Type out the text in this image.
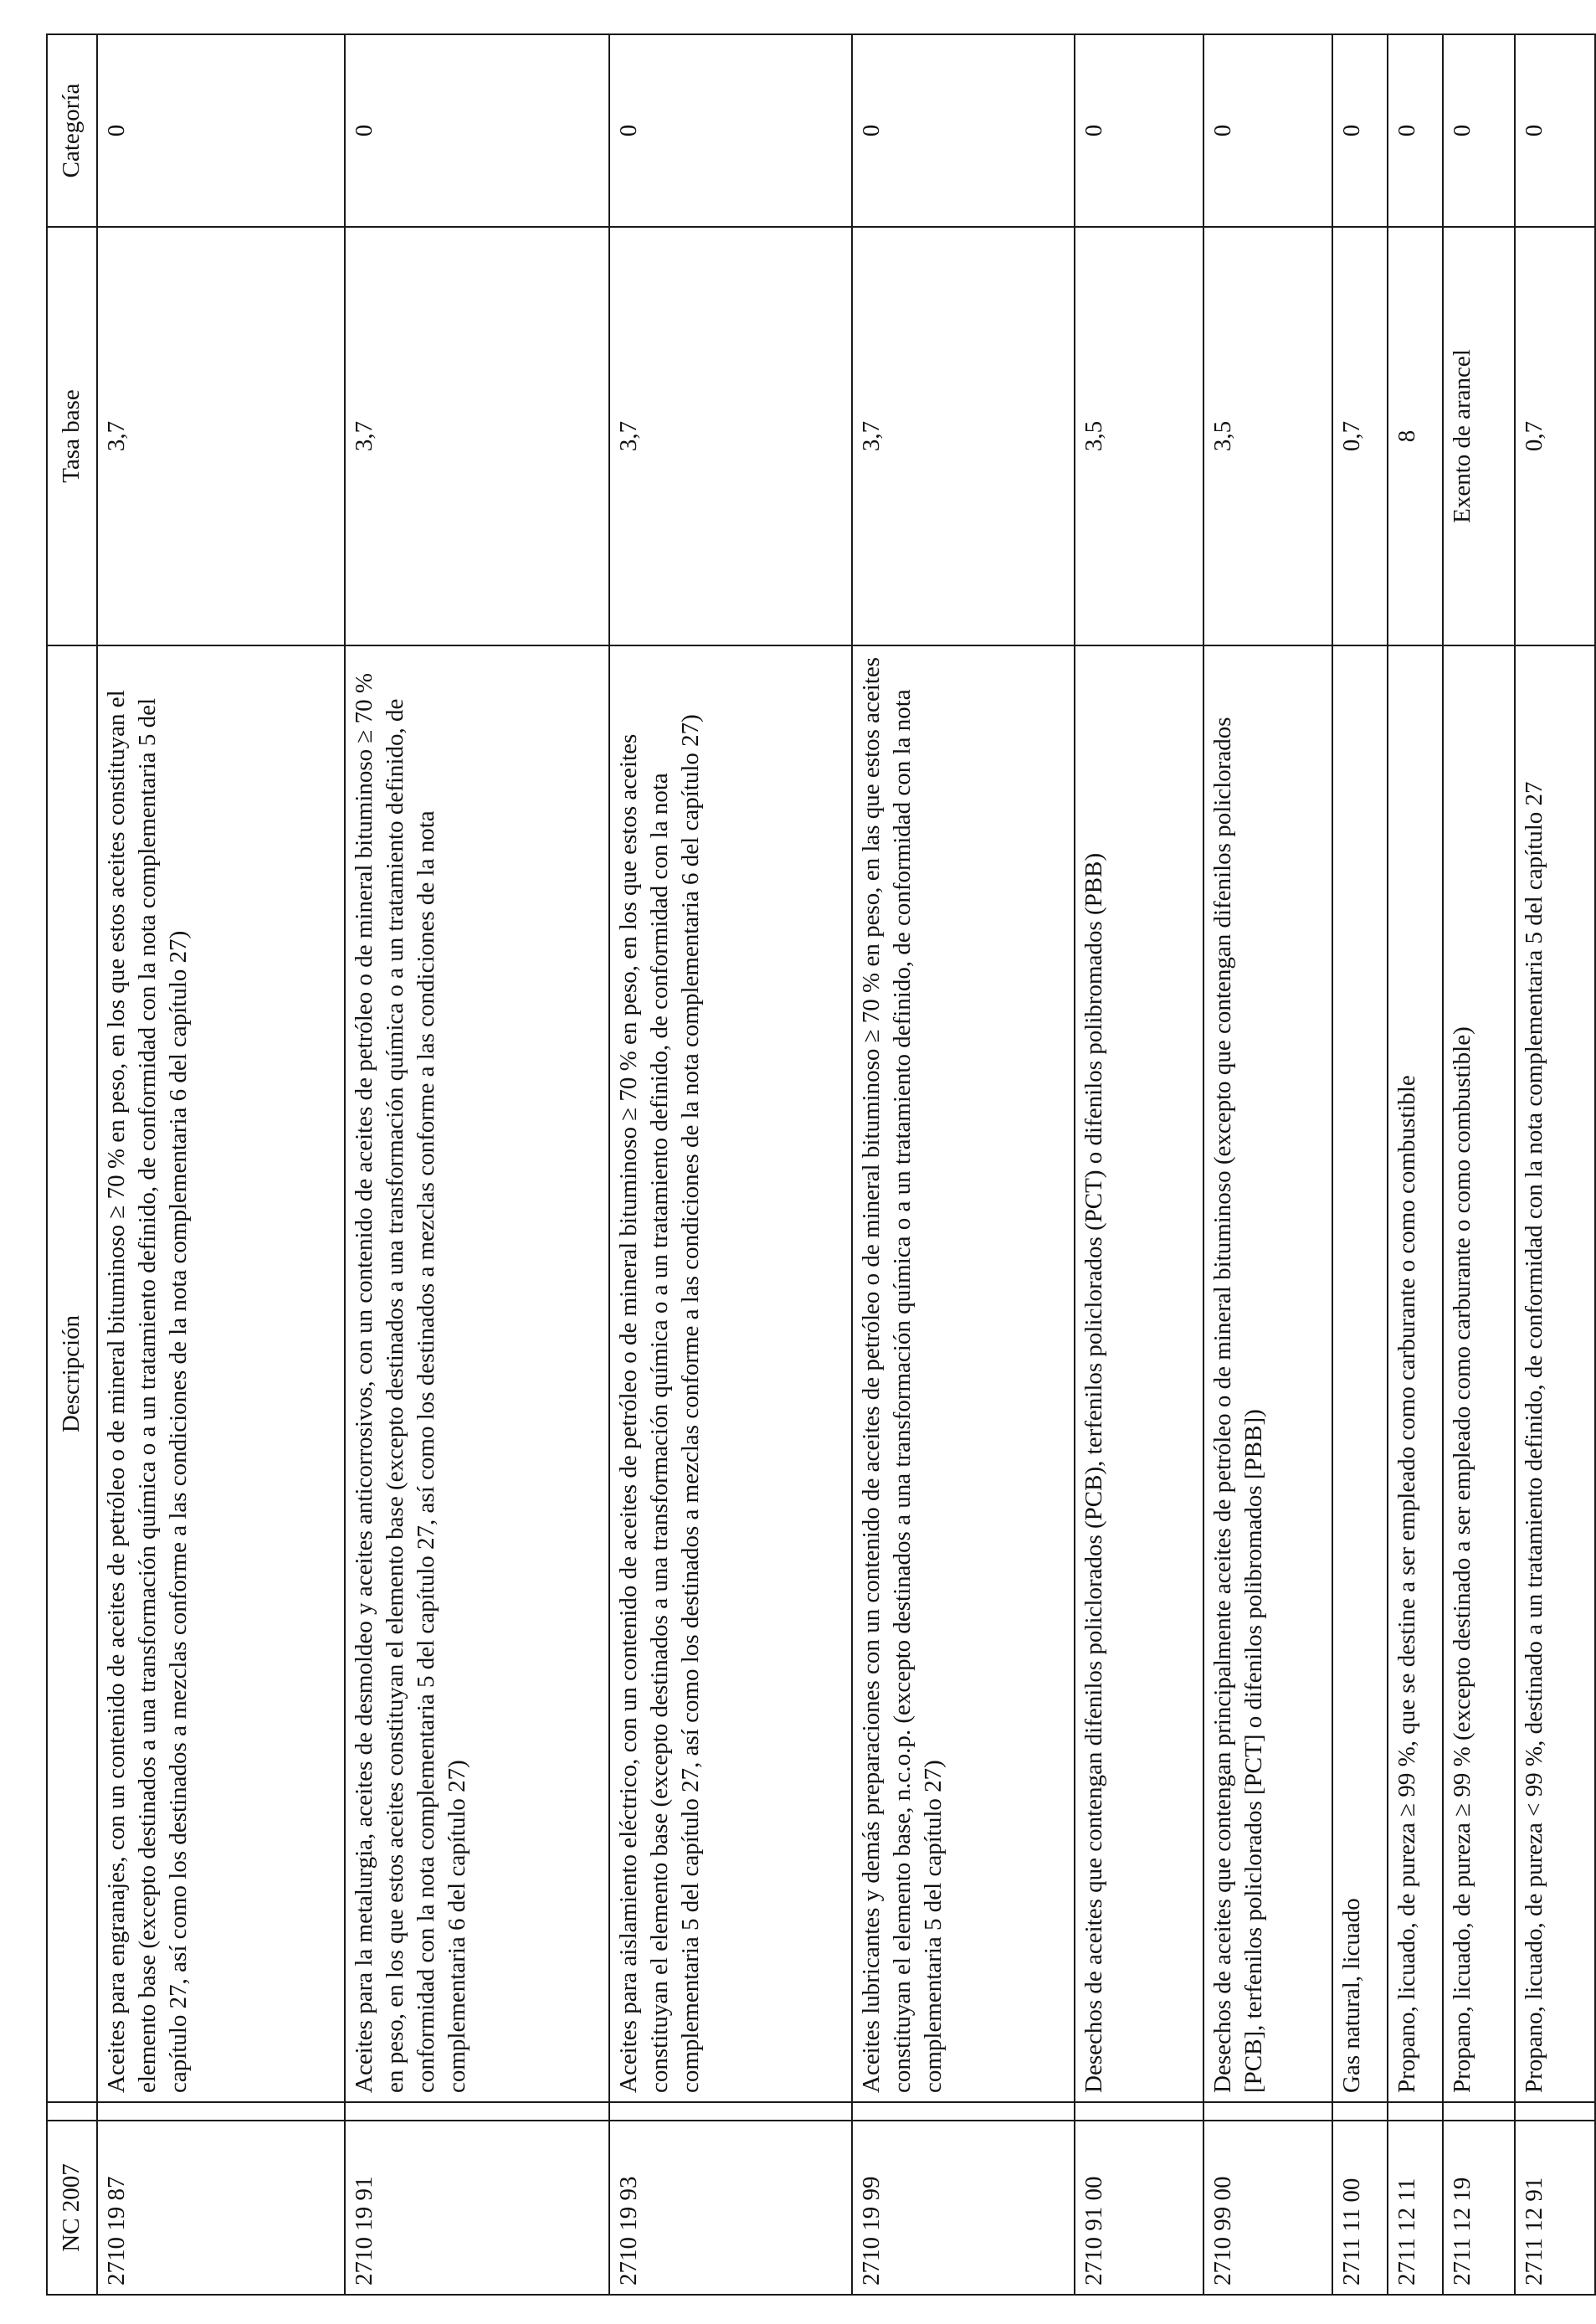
NC 2007		Descripción	Tasa base	Categoría
2710 19 87		Aceites para engranajes, con un contenido de aceites de petróleo o de mineral bituminoso ≥ 70 % en peso, en los que estos aceites constituyan el elemento base (excepto destinados a una transformación química o a un tratamiento definido, de conformidad con la nota complementaria 5 del capítulo 27, así como los destinados a mezclas conforme a las condiciones de la nota complementaria 6 del capítulo 27)	3,7	0
2710 19 91		Aceites para la metalurgia, aceites de desmoldeo y aceites anticorrosivos, con un contenido de aceites de petróleo o de mineral bituminoso ≥ 70 % en peso, en los que estos aceites constituyan el elemento base (excepto destinados a una transformación química o a un tratamiento definido, de conformidad con la nota complementaria 5 del capítulo 27, así como los destinados a mezclas conforme a las condiciones de la nota complementaria 6 del capítulo 27)	3,7	0
2710 19 93		Aceites para aislamiento eléctrico, con un contenido de aceites de petróleo o de mineral bituminoso ≥ 70 % en peso, en los que estos aceites constituyan el elemento base (excepto destinados a una transformación química o a un tratamiento definido, de conformidad con la nota complementaria 5 del capítulo 27, así como los destinados a mezclas conforme a las condiciones de la nota complementaria 6 del capítulo 27)	3,7	0
2710 19 99		Aceites lubricantes y demás preparaciones con un contenido de aceites de petróleo o de mineral bituminoso ≥ 70 % en peso, en las que estos aceites constituyan el elemento base, n.c.o.p. (excepto destinados a una transformación química o a un tratamiento definido, de conformidad con la nota complementaria 5 del capítulo 27)	3,7	0
2710 91 00		Desechos de aceites que contengan difenilos policlorados (PCB), terfenilos policlorados (PCT) o difenilos polibromados (PBB)	3,5	0
2710 99 00		Desechos de aceites que contengan principalmente aceites de petróleo o de mineral bituminoso (excepto que contengan difenilos policlorados [PCB], terfenilos policlorados [PCT] o difenilos polibromados [PBB])	3,5	0
2711 11 00		Gas natural, licuado	0,7	0
2711 12 11		Propano, licuado, de pureza ≥ 99 %, que se destine a ser empleado como carburante o como combustible	8	0
2711 12 19		Propano, licuado, de pureza ≥ 99 % (excepto destinado a ser empleado como carburante o como combustible)	Exento de arancel	0
2711 12 91		Propano, licuado, de pureza < 99 %, destinado a un tratamiento definido, de conformidad con la nota complementaria 5 del capítulo 27	0,7	0
